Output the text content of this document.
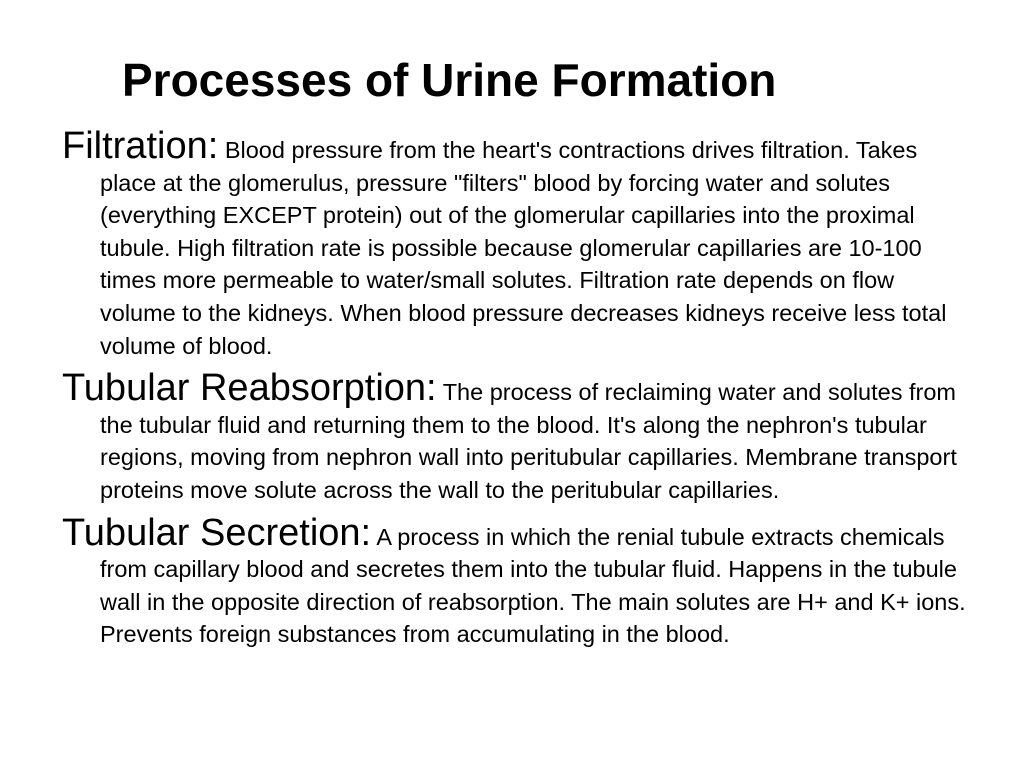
Processes of Urine Formation

Filtration: Blood pressure from the heart's contractions drives filtration. Takes place at the glomerulus, pressure "filters" blood by forcing water and solutes (everything EXCEPT protein) out of the glomerular capillaries into the proximal tubule. High filtration rate is possible because glomerular capillaries are 10-100 times more permeable to water/small solutes. Filtration rate depends on flow volume to the kidneys. When blood pressure decreases kidneys receive less total volume of blood.

Tubular Reabsorption: The process of reclaiming water and solutes from the tubular fluid and returning them to the blood. It's along the nephron's tubular regions, moving from nephron wall into peritubular capillaries. Membrane transport proteins move solute across the wall to the peritubular capillaries.

Tubular Secretion: A process in which the renial tubule extracts chemicals from capillary blood and secretes them into the tubular fluid. Happens in the tubule wall in the opposite direction of reabsorption. The main solutes are H+ and K+ ions. Prevents foreign substances from accumulating in the blood.
